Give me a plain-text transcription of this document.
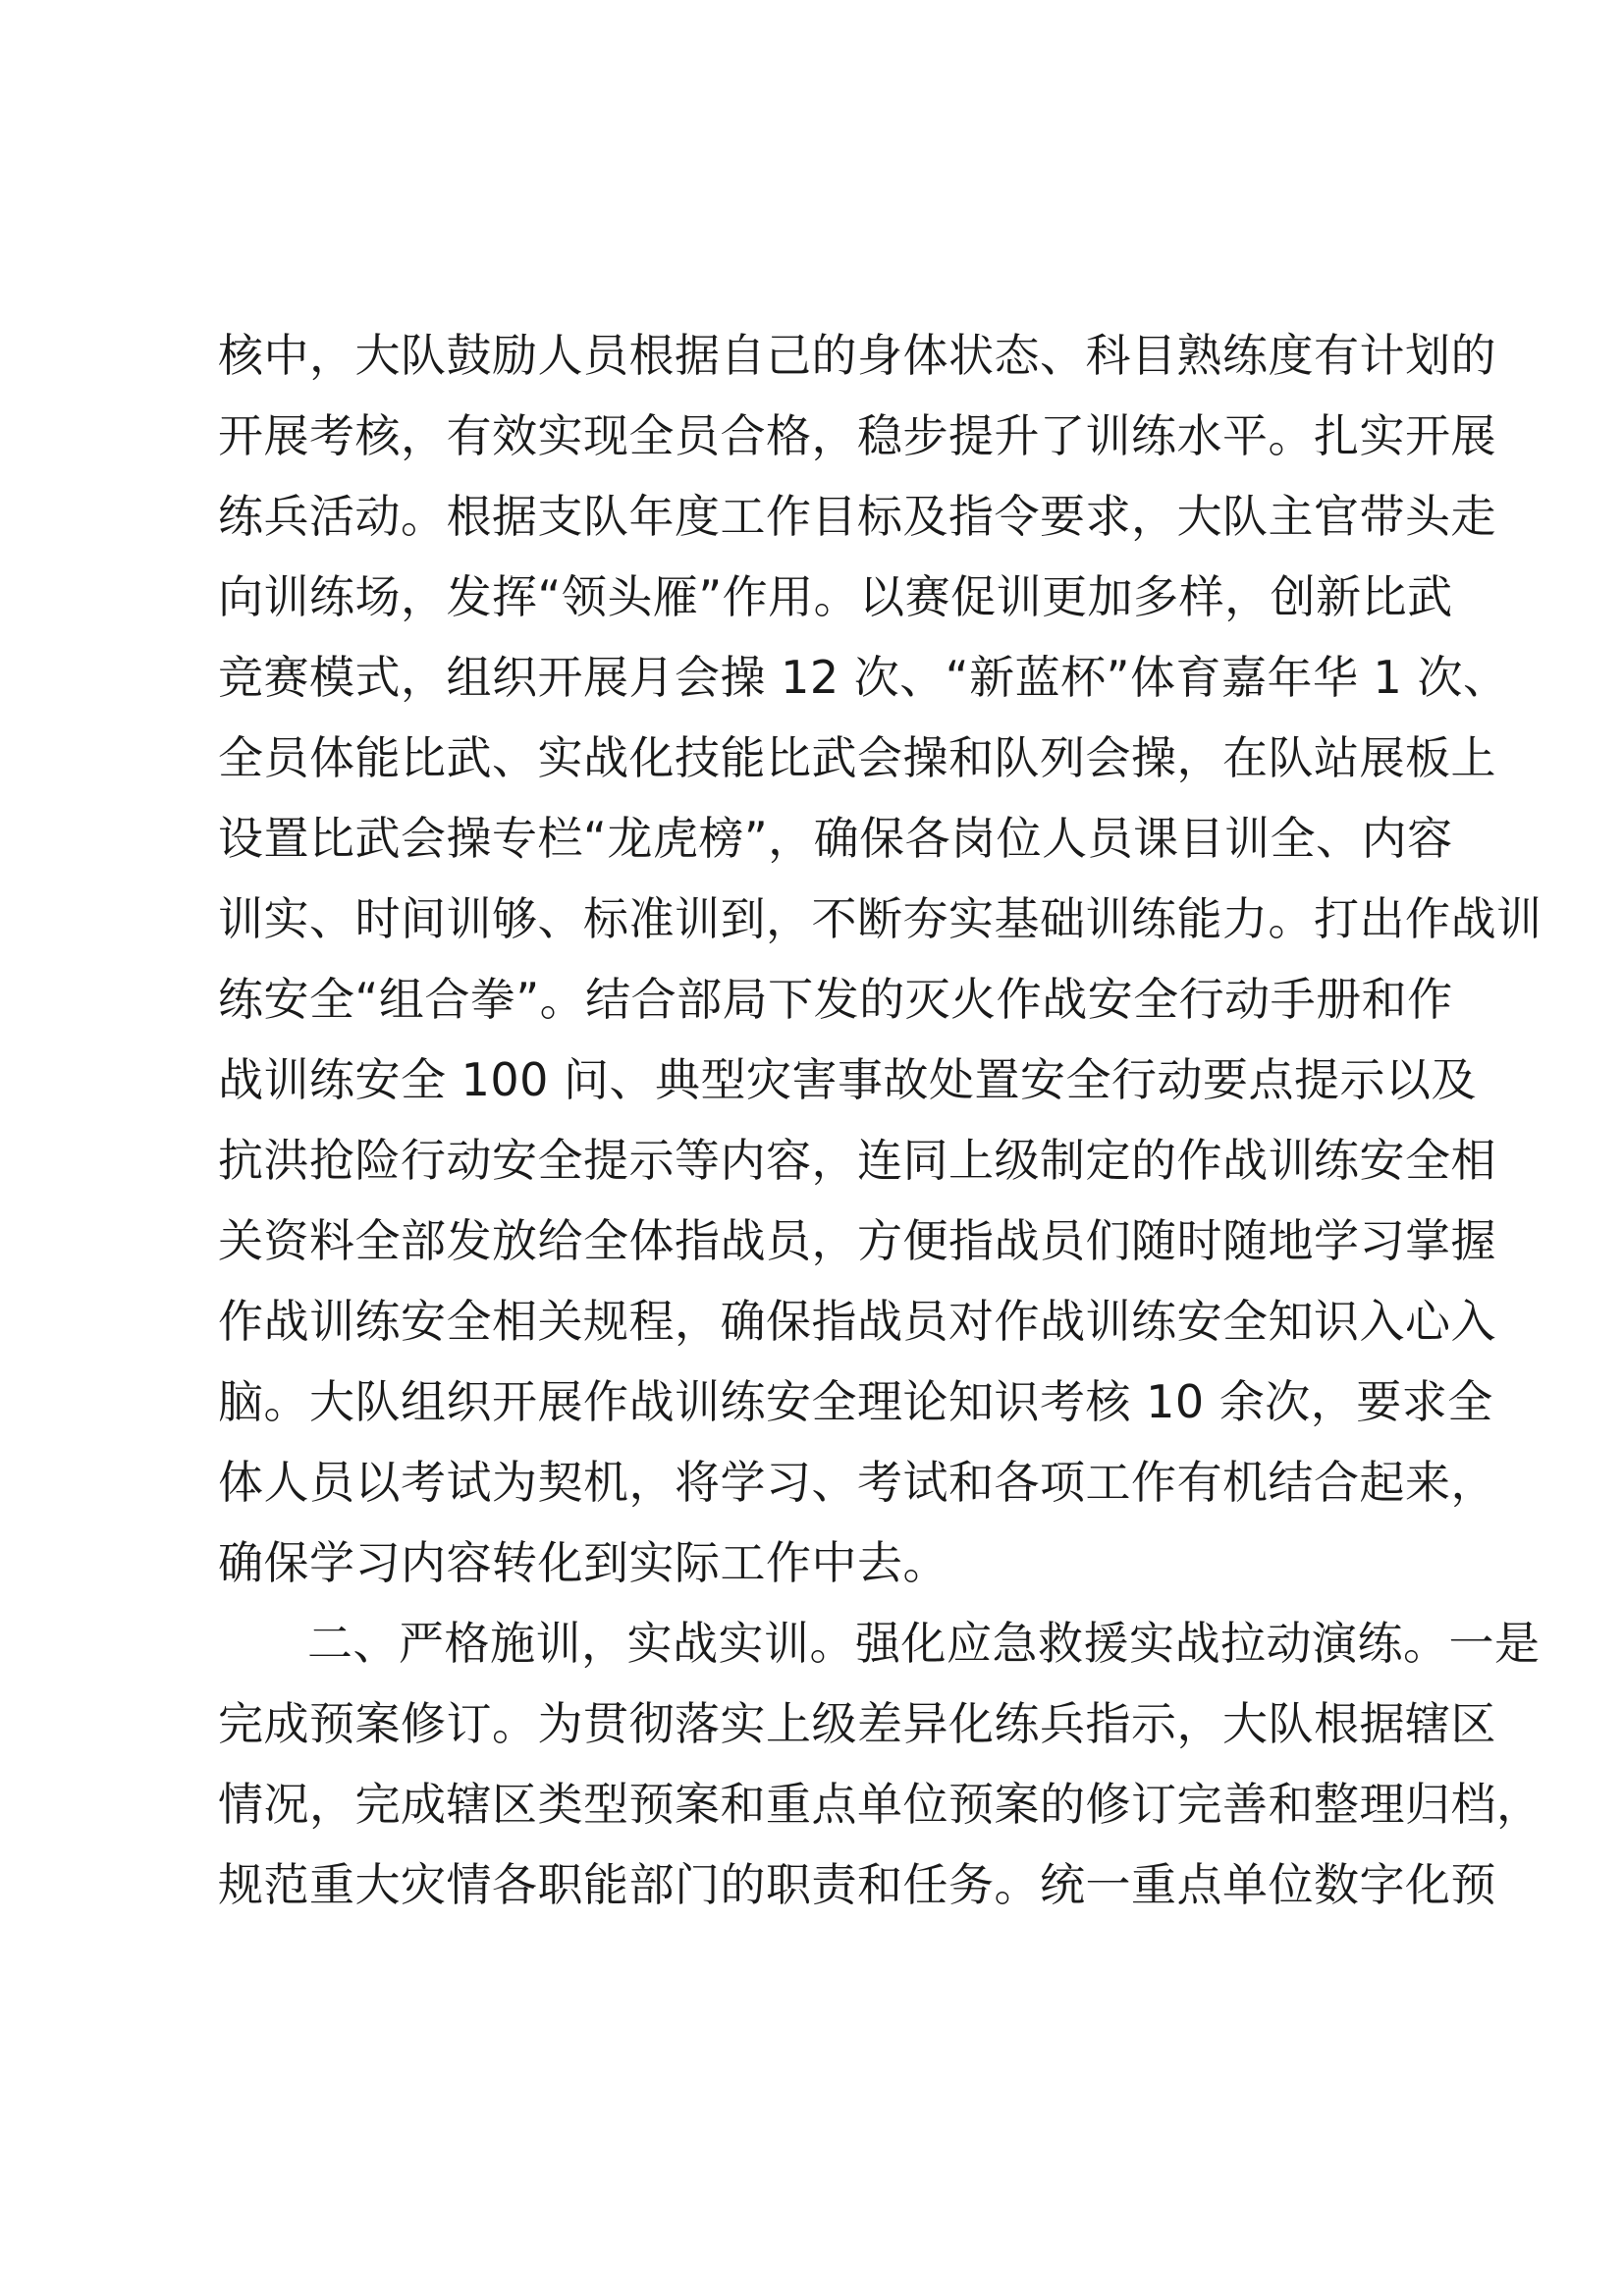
核中，大队鼓励人员根据自己的身体状态、科目熟练度有计划的
开展考核，有效实现全员合格，稳步提升了训练水平。扎实开展
练兵活动。根据支队年度工作目标及指令要求，大队主官带头走
向训练场，发挥“领头雁”作用。以赛促训更加多样，创新比武
竞赛模式，组织开展月会操 12 次、“新蓝杯”体育嘉年华 1 次、
全员体能比武、实战化技能比武会操和队列会操，在队站展板上
设置比武会操专栏“龙虎榜”，确保各岗位人员课目训全、内容
训实、时间训够、标准训到，不断夯实基础训练能力。打出作战训
练安全“组合拳”。结合部局下发的灭火作战安全行动手册和作
战训练安全 100 问、典型灾害事故处置安全行动要点提示以及
抗洪抢险行动安全提示等内容，连同上级制定的作战训练安全相
关资料全部发放给全体指战员，方便指战员们随时随地学习掌握
作战训练安全相关规程，确保指战员对作战训练安全知识入心入
脑。大队组织开展作战训练安全理论知识考核 10 余次，要求全
体人员以考试为契机，将学习、考试和各项工作有机结合起来，
确保学习内容转化到实际工作中去。
二、严格施训，实战实训。强化应急救援实战拉动演练。一是
完成预案修订。为贯彻落实上级差异化练兵指示，大队根据辖区
情况，完成辖区类型预案和重点单位预案的修订完善和整理归档，
规范重大灾情各职能部门的职责和任务。统一重点单位数字化预
